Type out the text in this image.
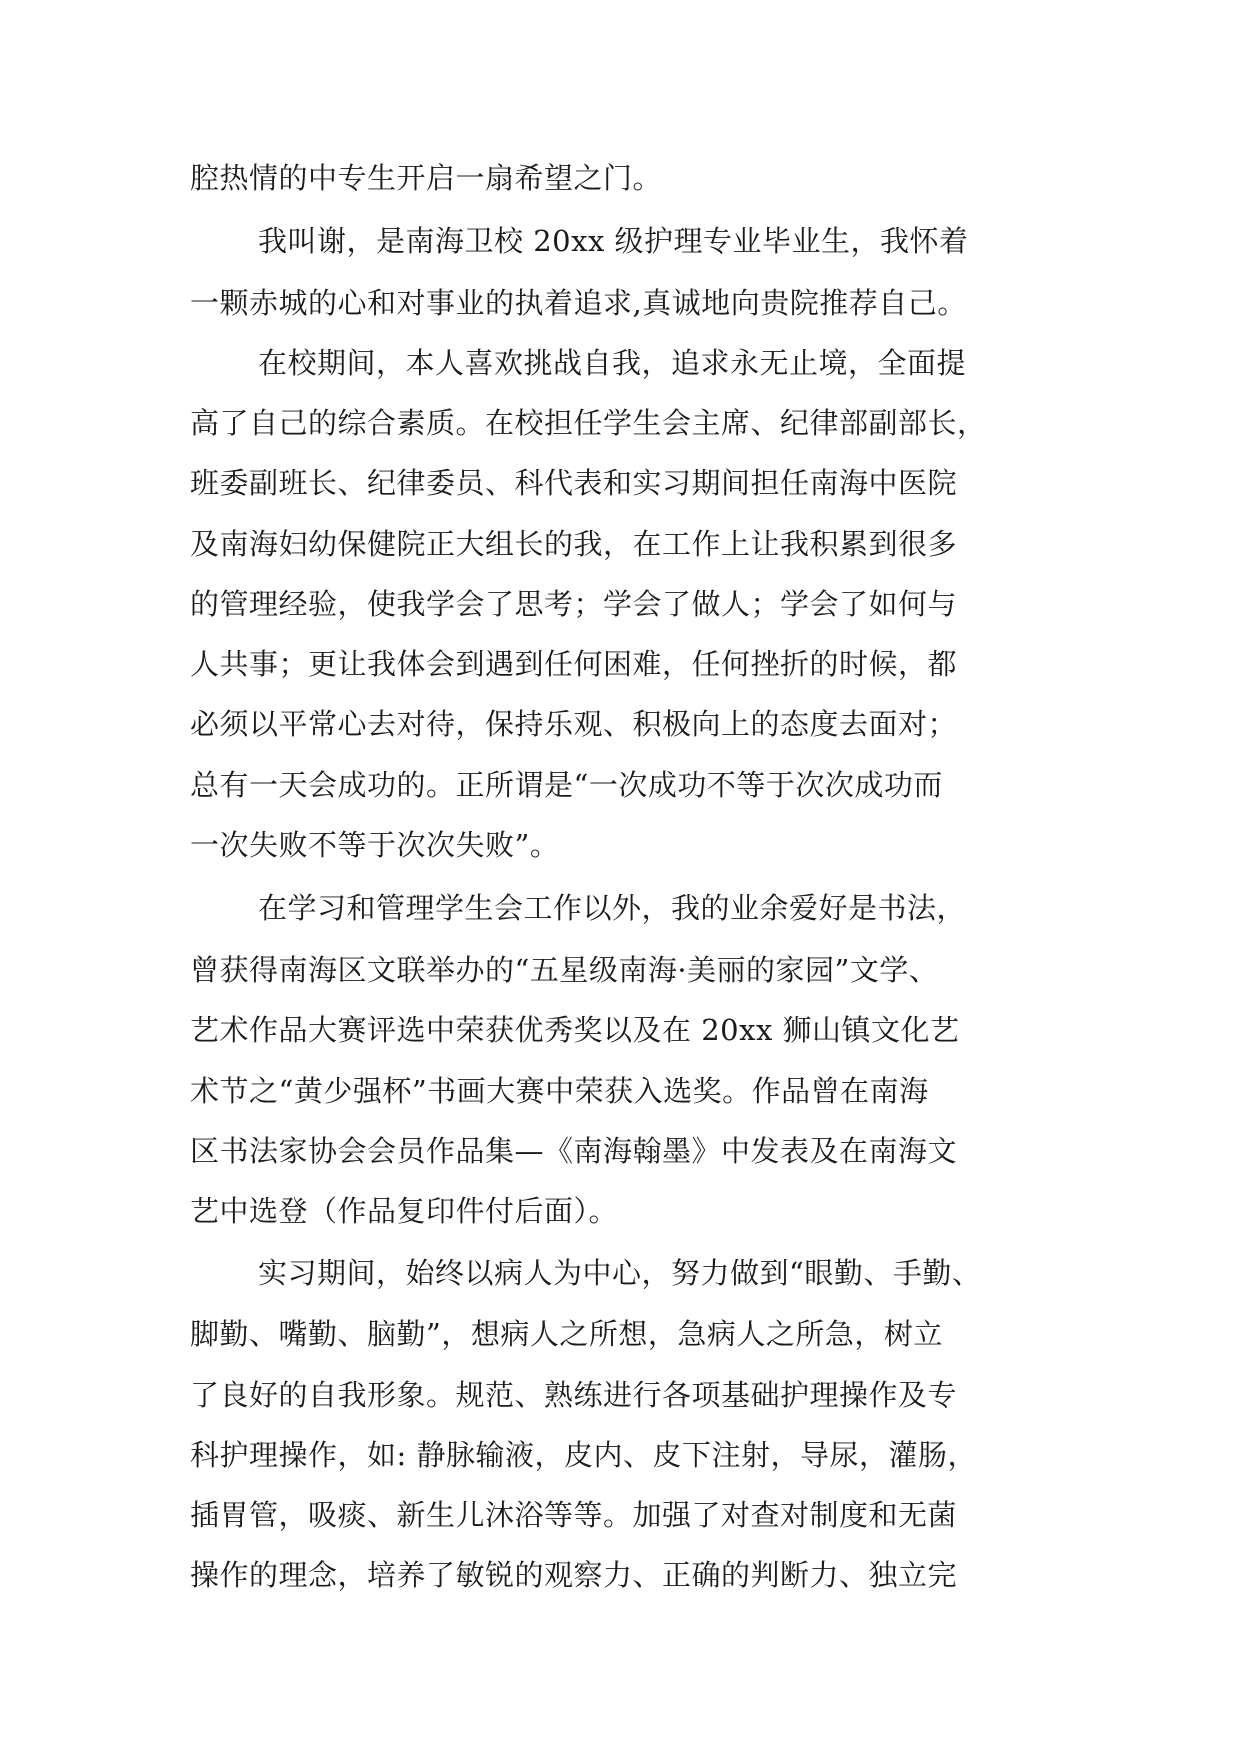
腔热情的中专生开启一扇希望之门。
我叫谢，是南海卫校 20xx 级护理专业毕业生，我怀着
一颗赤城的心和对事业的执着追求,真诚地向贵院推荐自己。
在校期间，本人喜欢挑战自我，追求永无止境，全面提
高了自己的综合素质。在校担任学生会主席、纪律部副部长，
班委副班长、纪律委员、科代表和实习期间担任南海中医院
及南海妇幼保健院正大组长的我，在工作上让我积累到很多
的管理经验，使我学会了思考；学会了做人；学会了如何与
人共事；更让我体会到遇到任何困难，任何挫折的时候，都
必须以平常心去对待，保持乐观、积极向上的态度去面对；
总有一天会成功的。正所谓是“一次成功不等于次次成功而
一次失败不等于次次失败”。
在学习和管理学生会工作以外，我的业余爱好是书法，
曾获得南海区文联举办的“五星级南海·美丽的家园”文学、
艺术作品大赛评选中荣获优秀奖以及在 20xx 狮山镇文化艺
术节之“黄少强杯”书画大赛中荣获入选奖。作品曾在南海
区书法家协会会员作品集—《南海翰墨》中发表及在南海文
艺中选登（作品复印件付后面）。
实习期间，始终以病人为中心，努力做到“眼勤、手勤、
脚勤、嘴勤、脑勤”，想病人之所想，急病人之所急，树立
了良好的自我形象。规范、熟练进行各项基础护理操作及专
科护理操作，如: 静脉输液，皮内、皮下注射，导尿，灌肠，
插胃管，吸痰、新生儿沐浴等等。加强了对查对制度和无菌
操作的理念，培养了敏锐的观察力、正确的判断力、独立完
